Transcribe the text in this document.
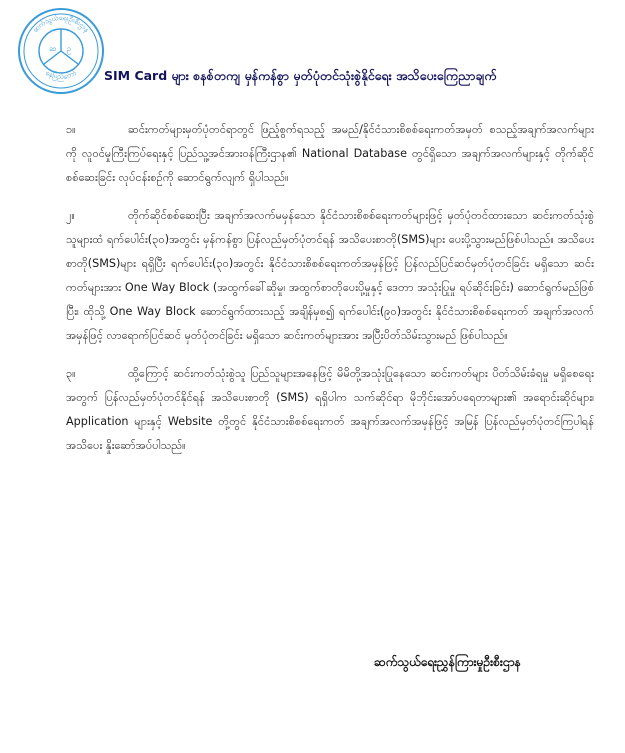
ဆက်သွယ်ရေးဦးစီးဌာန
နေပြည်တော်
ဆ ဥ
SIM Card များ စနစ်တကျ မှန်ကန်စွာ မှတ်ပုံတင်သုံးစွဲနိုင်ရေး အသိပေးကြေညာချက်

၁။	ဆင်းကတ်များမှတ်ပုံတင်ရာတွင် ဖြည့်စွက်ရသည့် အမည်/နိုင်ငံသားစိစစ်ရေးကတ်အမှတ် စသည့်အချက်အလက်များကို လူဝင်မှုကြီးကြပ်ရေးနှင့် ပြည်သူ့အင်အားဝန်ကြီးဌာန၏ National Database တွင်ရှိသော အချက်အလက်များနှင့် တိုက်ဆိုင်စစ်ဆေးခြင်း လုပ်ငန်းစဉ်ကို ဆောင်ရွက်လျက် ရှိပါသည်။

၂။	တိုက်ဆိုင်စစ်ဆေးပြီး အချက်အလက်မမှန်သော နိုင်ငံသားစိစစ်ရေးကတ်များဖြင့် မှတ်ပုံတင်ထားသော ဆင်းကတ်သုံးစွဲသူများထံ ရက်ပေါင်း(၃၀)အတွင်း မှန်ကန်စွာ ပြန်လည်မှတ်ပုံတင်ရန် အသိပေးစာတို(SMS)များ ပေးပို့သွားမည်ဖြစ်ပါသည်။ အသိပေးစာတို(SMS)များ ရရှိပြီး ရက်ပေါင်း(၃၀)အတွင်း နိုင်ငံသားစိစစ်ရေးကတ်အမှန်ဖြင့် ပြန်လည်ပြင်ဆင်မှတ်ပုံတင်ခြင်း မရှိသော ဆင်းကတ်များအား One Way Block (အထွက်ခေါ်ဆိုမှု၊ အထွက်စာတိုပေးပို့မှုနှင့် ဒေတာ အသုံးပြုမှု ရပ်ဆိုင်းခြင်း) ဆောင်ရွက်မည်ဖြစ်ပြီး၊ ထိုသို့ One Way Block ဆောင်ရွက်ထားသည့် အချိန်မှစ၍ ရက်ပေါင်း(၉၀)အတွင်း နိုင်ငံသားစိစစ်ရေးကတ် အချက်အလက်အမှန်ဖြင့် လာရောက်ပြင်ဆင် မှတ်ပုံတင်ခြင်း မရှိသော ဆင်းကတ်များအား အပြီးပိတ်သိမ်းသွားမည် ဖြစ်ပါသည်။

၃။	ထို့ကြောင့် ဆင်းကတ်သုံးစွဲသူ ပြည်သူများအနေဖြင့် မိမိတို့အသုံးပြုနေသော ဆင်းကတ်များ ပိတ်သိမ်းခံရမှု မရှိစေရေးအတွက် ပြန်လည်မှတ်ပုံတင်နိုင်ရန် အသိပေးစာတို (SMS) ရရှိပါက သက်ဆိုင်ရာ မိုဘိုင်းအော်ပရေတာများ၏ အရောင်းဆိုင်များ၊ Application များနှင့် Website တို့တွင် နိုင်ငံသားစိစစ်ရေးကတ် အချက်အလက်အမှန်ဖြင့် အမြန် ပြန်လည်မှတ်ပုံတင်ကြပါရန် အသိပေး နှိုးဆော်အပ်ပါသည်။

ဆက်သွယ်ရေးညွှန်ကြားမှုဦးစီးဌာန
